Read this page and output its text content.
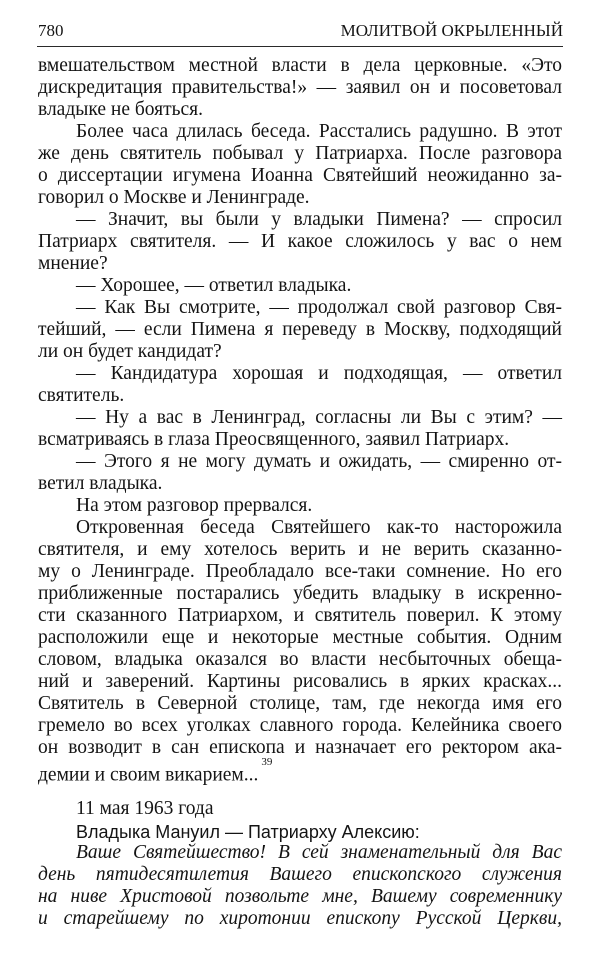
780	МОЛИТВОЙ ОКРЫЛЕННЫЙ
вмешательством местной власти в дела церковные. «Это
дискредитация правительства!» — заявил он и посоветовал
владыке не бояться.
Более часа длилась беседа. Расстались радушно. В этот
же день святитель побывал у Патриарха. После разговора
о диссертации игумена Иоанна Святейший неожиданно за-
говорил о Москве и Ленинграде.
— Значит, вы были у владыки Пимена? — спросил
Патриарх святителя. — И какое сложилось у вас о нем
мнение?
— Хорошее, — ответил владыка.
— Как Вы смотрите, — продолжал свой разговор Свя-
тейший, — если Пимена я переведу в Москву, подходящий
ли он будет кандидат?
— Кандидатура хорошая и подходящая, — ответил
святитель.
— Ну а вас в Ленинград, согласны ли Вы с этим? —
всматриваясь в глаза Преосвященного, заявил Патриарх.
— Этого я не могу думать и ожидать, — смиренно от-
ветил владыка.
На этом разговор прервался.
Откровенная беседа Святейшего как-то насторожила
святителя, и ему хотелось верить и не верить сказанно-
му о Ленинграде. Преобладало все-таки сомнение. Но его
приближенные постарались убедить владыку в искренно-
сти сказанного Патриархом, и святитель поверил. К этому
расположили еще и некоторые местные события. Одним
словом, владыка оказался во власти несбыточных обеща-
ний и заверений. Картины рисовались в ярких красках...
Святитель в Северной столице, там, где некогда имя его
гремело во всех уголках славного города. Келейника своего
он возводит в сан епископа и назначает его ректором ака-
демии и своим викарием...$^{39}$
11 мая 1963 года
Владыка Мануил — Патриарху Алексию:
Ваше Святейшество! В сей знаменательный для Вас
день пятидесятилетия Вашего епископского служения
на ниве Христовой позвольте мне, Вашему современнику
и старейшему по хиротонии епископу Русской Церкви,
